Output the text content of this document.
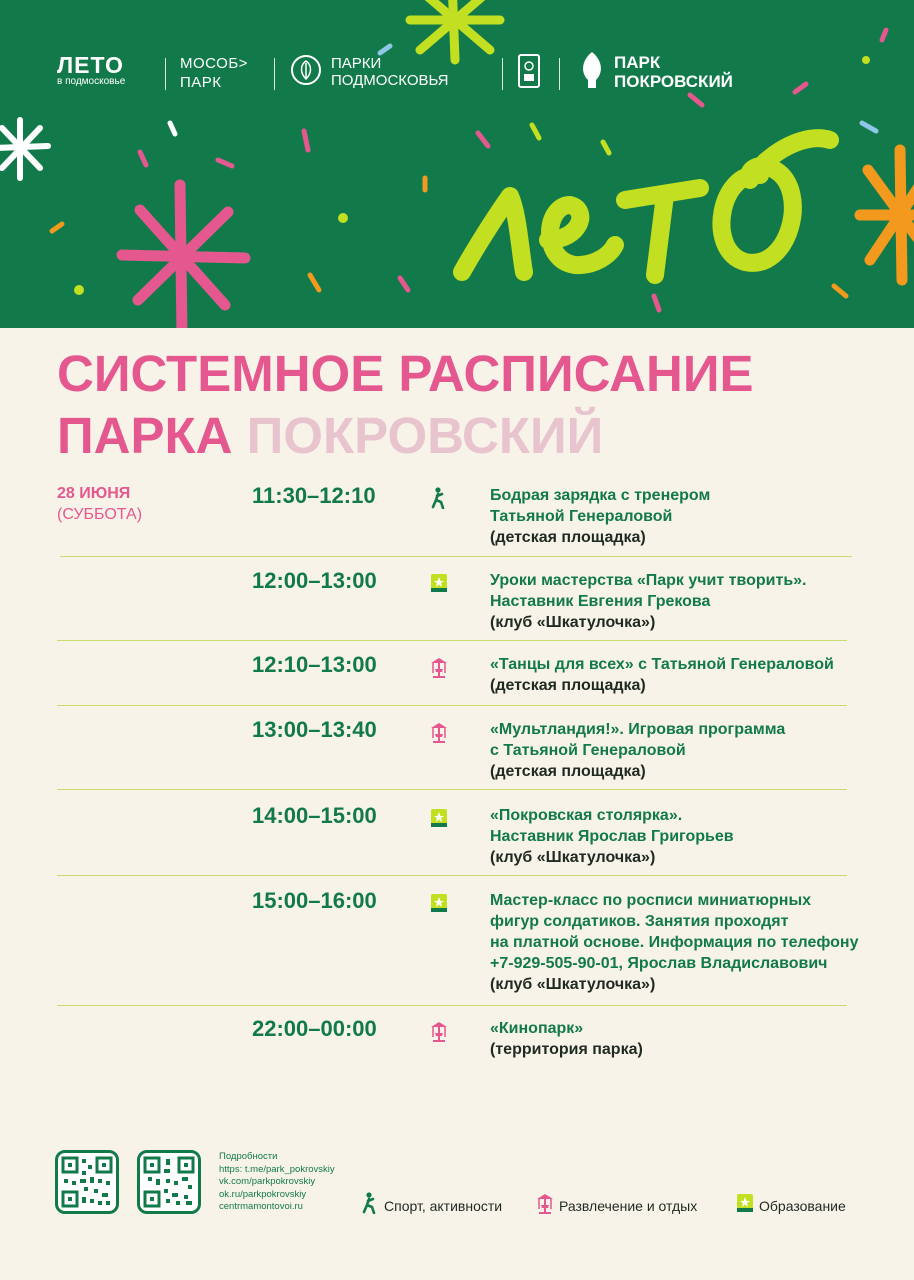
ЛЕТО
в подмосковье
МОСОБ>
ПАРК
ПАРКИ
ПОДМОСКОВЬЯ
ПАРК
ПОКРОВСКИЙ
СИСТЕМНОЕ РАСПИСАНИЕ
ПАРКА ПОКРОВСКИЙ
28 ИЮНЯ
(СУББОТА)
11:30–12:10	Бодрая зарядка с тренером
Татьяной Генераловой
(детская площадка)
12:00–13:00	Уроки мастерства «Парк учит творить».
Наставник Евгения Грекова
(клуб «Шкатулочка»)
12:10–13:00	«Танцы для всех» с Татьяной Генераловой
(детская площадка)
13:00–13:40	«Мультландия!». Игровая программа
с Татьяной Генераловой
(детская площадка)
14:00–15:00	«Покровская столярка».
Наставник Ярослав Григорьев
(клуб «Шкатулочка»)
15:00–16:00	Мастер-класс по росписи миниатюрных
фигур солдатиков. Занятия проходят
на платной основе. Информация по телефону
+7-929-505-90-01, Ярослав Владиславович
(клуб «Шкатулочка»)
22:00–00:00	«Кинопарк»
(территория парка)
Подробности
https: t.me/park_pokrovskiy
vk.com/parkpokrovskiy
ok.ru/parkpokrovskiy
centrmamontovoi.ru	Спорт, активности	Развлечение и отдых	Образование
